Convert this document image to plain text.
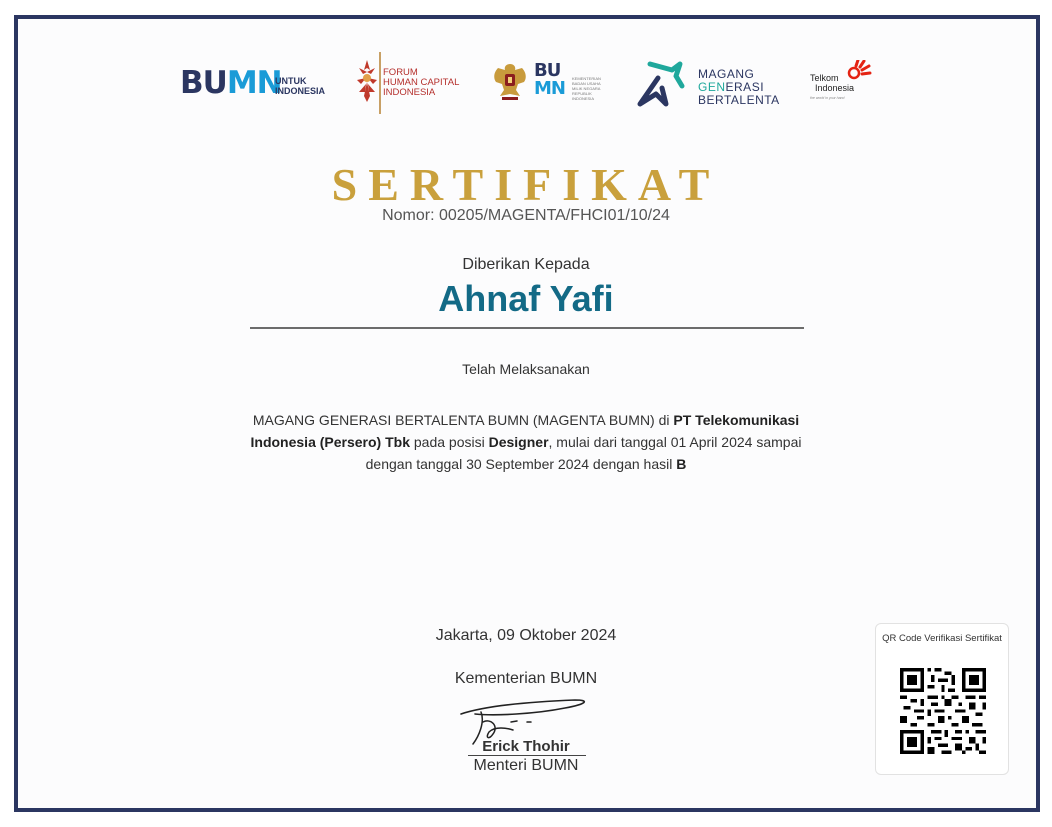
BUMN
UNTUK
INDONESIA
FORUM
HUMAN CAPITAL
INDONESIA
BU
MN KEMENTERIAN
BADAN USAHA
MILIK NEGARA
REPUBLIK
INDONESIA
MAGANG
GENERASI
BERTALENTA
Telkom
Indonesia
the world in your hand
SERTIFIKAT
Nomor: 00205/MAGENTA/FHCI01/10/24
Diberikan Kepada
Ahnaf Yafi
Telah Melaksanakan
MAGANG GENERASI BERTALENTA BUMN (MAGENTA BUMN) di PT Telekomunikasi Indonesia (Persero) Tbk pada posisi Designer, mulai dari tanggal 01 April 2024 sampai dengan tanggal 30 September 2024 dengan hasil B
Jakarta, 09 Oktober 2024
Kementerian BUMN
Erick Thohir
Menteri BUMN
QR Code Verifikasi Sertifikat
